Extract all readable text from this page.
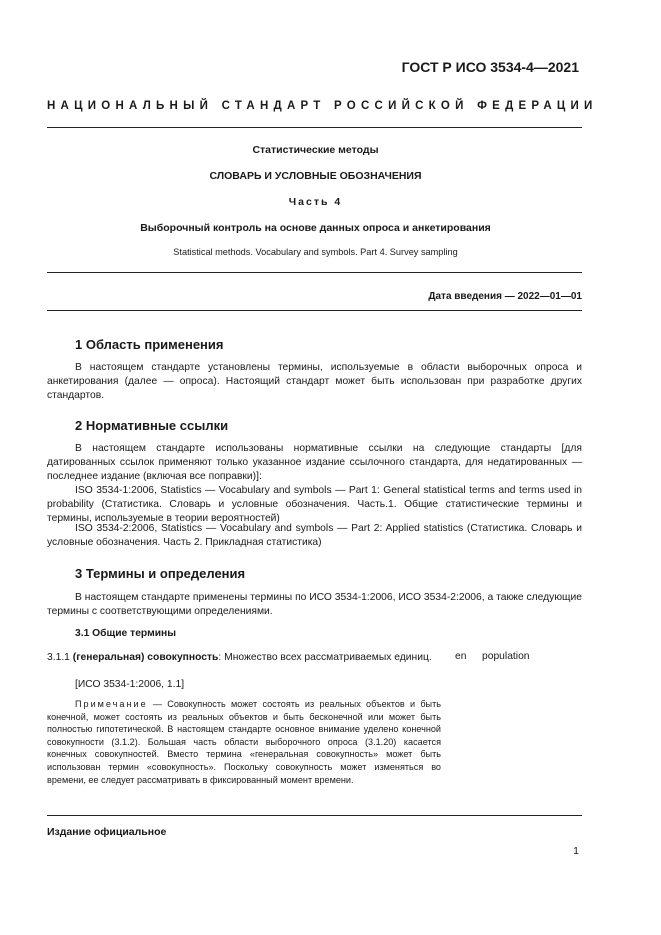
ГОСТ Р ИСО 3534-4—2021
НАЦИОНАЛЬНЫЙ СТАНДАРТ РОССИЙСКОЙ ФЕДЕРАЦИИ
Статистические методы
СЛОВАРЬ И УСЛОВНЫЕ ОБОЗНАЧЕНИЯ
Часть 4
Выборочный контроль на основе данных опроса и анкетирования
Statistical methods. Vocabulary and symbols. Part 4. Survey sampling
Дата введения — 2022—01—01
1 Область применения
В настоящем стандарте установлены термины, используемые в области выборочных опроса и анкетирования (далее — опроса). Настоящий стандарт может быть использован при разработке других стандартов.
2 Нормативные ссылки
В настоящем стандарте использованы нормативные ссылки на следующие стандарты [для датированных ссылок применяют только указанное издание ссылочного стандарта, для недатированных — последнее издание (включая все поправки)]:
ISO 3534-1:2006, Statistics — Vocabulary and symbols — Part 1: General statistical terms and terms used in probability (Статистика. Словарь и условные обозначения. Часть.1. Общие статистические термины и термины, используемые в теории вероятностей)
ISO 3534-2:2006, Statistics — Vocabulary and symbols — Part 2: Applied statistics (Статистика. Словарь и условные обозначения. Часть 2. Прикладная статистика)
3 Термины и определения
В настоящем стандарте применены термины по ИСО 3534-1:2006, ИСО 3534-2:2006, а также следующие термины с соответствующими определениями.
3.1 Общие термины
3.1.1 (генеральная) совокупность: Множество всех рассматриваемых единиц.	en population
[ИСО 3534-1:2006, 1.1]
Примечание — Совокупность может состоять из реальных объектов и быть конечной, может состоять из реальных объектов и быть бесконечной или может быть полностью гипотетической. В настоящем стандарте основное внимание уделено конечной совокупности (3.1.2). Большая часть области выборочного опроса (3.1.20) касается конечных совокупностей. Вместо термина «генеральная совокупность» может быть использован термин «совокупность». Поскольку совокупность может изменяться во времени, ее следует рассматривать в фиксированный момент времени.
Издание официальное
1
